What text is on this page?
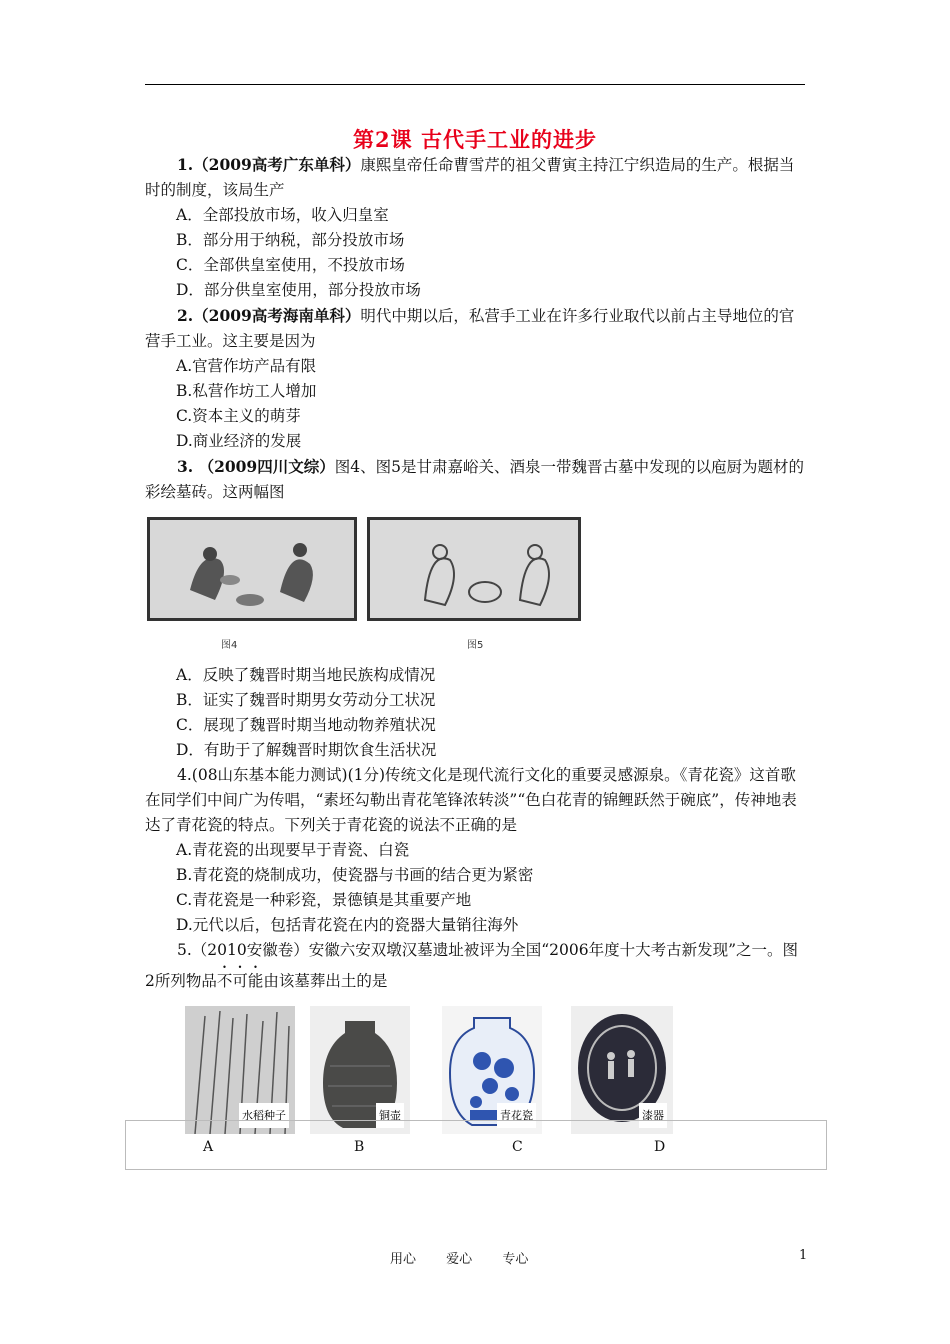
第2课 古代手工业的进步

1.（2009高考广东单科）康熙皇帝任命曹雪芹的祖父曹寅主持江宁织造局的生产。根据当时的制度，该局生产

A．全部投放市场，收入归皇室

B．部分用于纳税，部分投放市场

C．全部供皇室使用，不投放市场

D．部分供皇室使用，部分投放市场

2.（2009高考海南单科）明代中期以后，私营手工业在许多行业取代以前占主导地位的官营手工业。这主要是因为

A.官营作坊产品有限

B.私营作坊工人增加

C.资本主义的萌芽

D.商业经济的发展

3. （2009四川文综）图4、图5是甘肃嘉峪关、酒泉一带魏晋古墓中发现的以庖厨为题材的彩绘墓砖。这两幅图

图4	图5

A．反映了魏晋时期当地民族构成情况

B．证实了魏晋时期男女劳动分工状况

C．展现了魏晋时期当地动物养殖状况

D．有助于了解魏晋时期饮食生活状况

4.(08山东基本能力测试)(1分)传统文化是现代流行文化的重要灵感源泉。《青花瓷》这首歌在同学们中间广为传唱，“素坯勾勒出青花笔锋浓转淡”“色白花青的锦鲤跃然于碗底”，传神地表达了青花瓷的特点。下列关于青花瓷的说法不正确的是

A.青花瓷的出现要早于青瓷、白瓷

B.青花瓷的烧制成功，使瓷器与书画的结合更为紧密

C.青花瓷是一种彩瓷，景德镇是其重要产地

D.元代以后，包括青花瓷在内的瓷器大量销往海外

5.（2010安徽卷）安徽六安双墩汉墓遗址被评为全国“2006年度十大考古新发现”之一。图2所列物品不可能由该墓葬出土的是

水稻种子	铜壶	青花瓷	漆器
A	B	C	D
用心 爱心 专心	1
